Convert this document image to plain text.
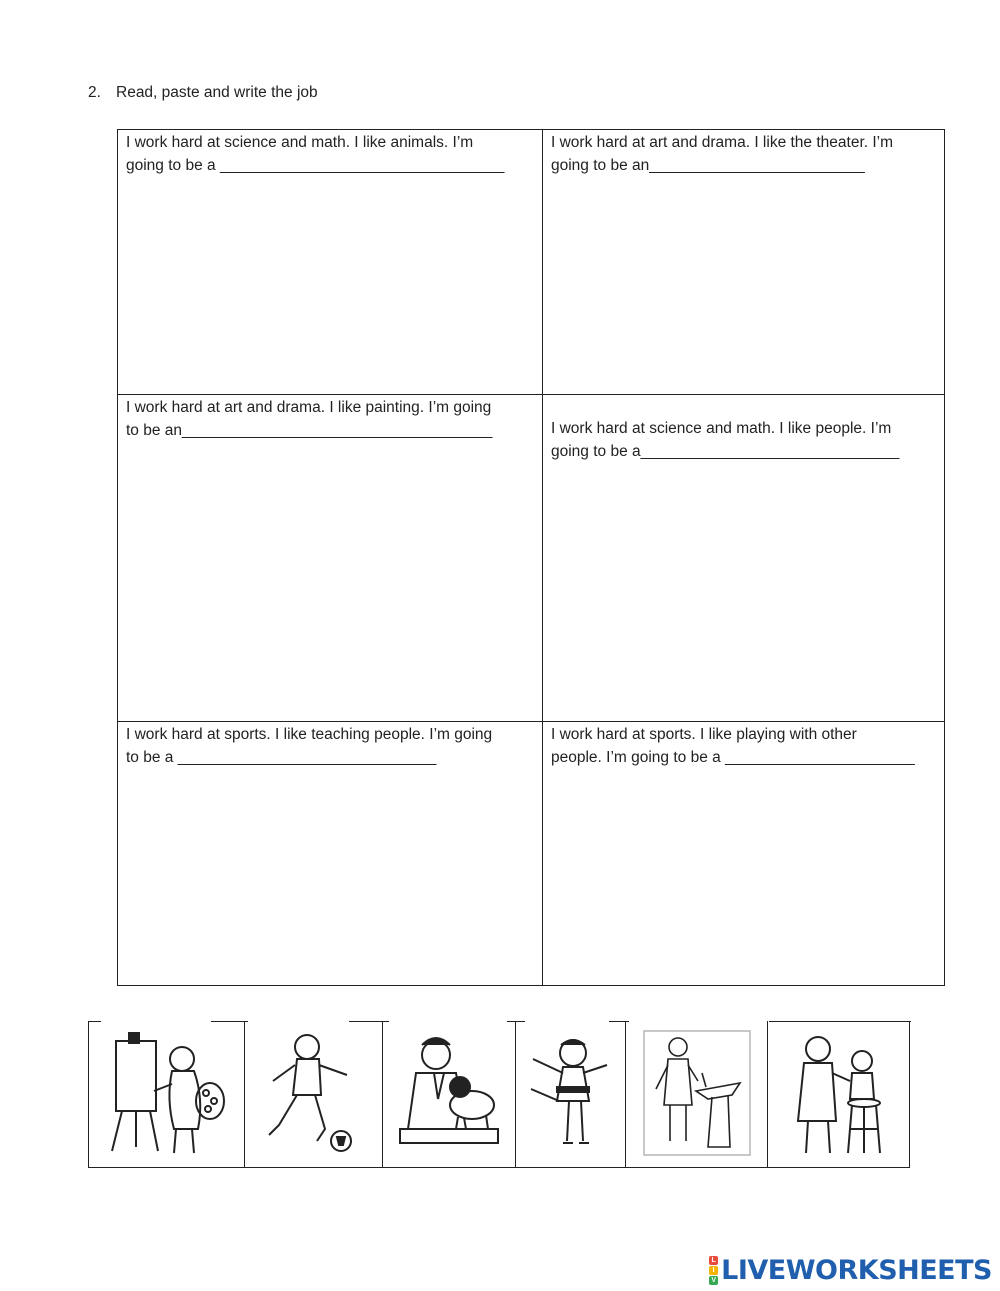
2. Read, paste and write the job
I work hard at science and math. I like animals. I’m
going to be a _________________________________
I work hard at art and drama. I like the theater. I’m
going to be an_________________________
I work hard at art and drama. I like painting. I’m going
to be an____________________________________	I work hard at science and math. I like people. I’m
going to be a______________________________
I work hard at sports. I like teaching people. I’m going
to be a ______________________________
I work hard at sports. I like playing with other
people. I’m going to be a ______________________
L
I
V LIVEWORKSHEETS
